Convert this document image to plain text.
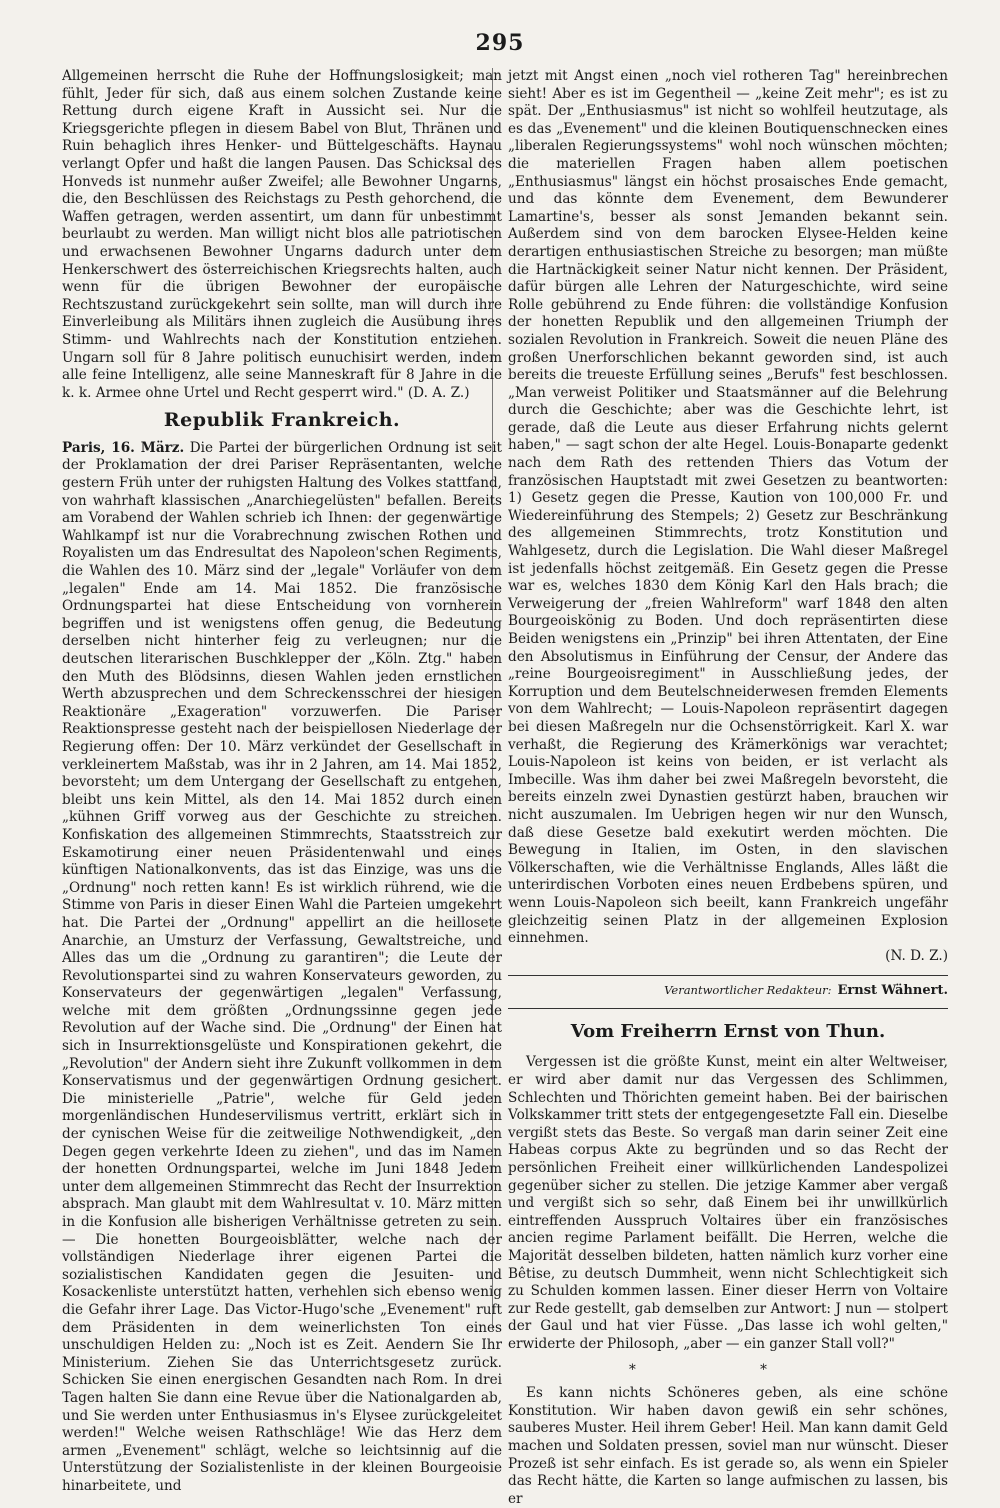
295

Allgemeinen herrscht die Ruhe der Hoffnungslosigkeit; man fühlt, Jeder für sich, daß aus einem solchen Zustande keine Rettung durch eigene Kraft in Aussicht sei. Nur die Kriegsgerichte pflegen in diesem Babel von Blut, Thränen und Ruin behaglich ihres Henker- und Büttelgeschäfts. Haynau verlangt Opfer und haßt die langen Pausen. Das Schicksal des Honveds ist nunmehr außer Zweifel; alle Bewohner Ungarns, die, den Beschlüssen des Reichstags zu Pesth gehorchend, die Waffen getragen, werden assentirt, um dann für unbestimmt beurlaubt zu werden. Man willigt nicht blos alle patriotischen und erwachsenen Bewohner Ungarns dadurch unter dem Henkerschwert des österreichischen Kriegsrechts halten, auch wenn für die übrigen Bewohner der europäische Rechtszustand zurückgekehrt sein sollte, man will durch ihre Einverleibung als Militärs ihnen zugleich die Ausübung ihres Stimm- und Wahlrechts nach der Konstitution entziehen. Ungarn soll für 8 Jahre politisch eunuchisirt werden, indem alle feine Intelligenz, alle seine Manneskraft für 8 Jahre in die k. k. Armee ohne Urtel und Recht gesperrt wird." (D. A. Z.)

Republik Frankreich.

Paris, 16. März. Die Partei der bürgerlichen Ordnung ist seit der Proklamation der drei Pariser Repräsentanten, welche gestern Früh unter der ruhigsten Haltung des Volkes stattfand, von wahrhaft klassischen „Anarchiegelüsten" befallen. Bereits am Vorabend der Wahlen schrieb ich Ihnen: der gegenwärtige Wahlkampf ist nur die Vorabrechnung zwischen Rothen und Royalisten um das Endresultat des Napoleon'schen Regiments, die Wahlen des 10. März sind der „legale" Vorläufer von dem „legalen" Ende am 14. Mai 1852. Die französische Ordnungspartei hat diese Entscheidung von vornherein begriffen und ist wenigstens offen genug, die Bedeutung derselben nicht hinterher feig zu verleugnen; nur die deutschen literarischen Buschklepper der „Köln. Ztg." haben den Muth des Blödsinns, diesen Wahlen jeden ernstlichen Werth abzusprechen und dem Schreckensschrei der hiesigen Reaktionäre „Exageration" vorzuwerfen. Die Pariser Reaktionspresse gesteht nach der beispiellosen Niederlage der Regierung offen: Der 10. März verkündet der Gesellschaft in verkleinertem Maßstab, was ihr in 2 Jahren, am 14. Mai 1852, bevorsteht; um dem Untergang der Gesellschaft zu entgehen, bleibt uns kein Mittel, als den 14. Mai 1852 durch einen „kühnen Griff vorweg aus der Geschichte zu streichen. Konfiskation des allgemeinen Stimmrechts, Staatsstreich zur Eskamotirung einer neuen Präsidentenwahl und eines künftigen Nationalkonvents, das ist das Einzige, was uns die „Ordnung" noch retten kann! Es ist wirklich rührend, wie die Stimme von Paris in dieser Einen Wahl die Parteien umgekehrt hat. Die Partei der „Ordnung" appellirt an die heillosete Anarchie, an Umsturz der Verfassung, Gewaltstreiche, und Alles das um die „Ordnung zu garantiren"; die Leute der Revolutionspartei sind zu wahren Konservateurs geworden, zu Konservateurs der gegenwärtigen „legalen" Verfassung, welche mit dem größten „Ordnungssinne gegen jede Revolution auf der Wache sind. Die „Ordnung" der Einen hat sich in Insurrektionsgelüste und Konspirationen gekehrt, die „Revolution" der Andern sieht ihre Zukunft vollkommen in dem Konservatismus und der gegenwärtigen Ordnung gesichert. Die ministerielle „Patrie", welche für Geld jeden morgenländischen Hundeservilismus vertritt, erklärt sich in der cynischen Weise für die zeitweilige Nothwendigkeit, „den Degen gegen verkehrte Ideen zu ziehen", und das im Namen der honetten Ordnungspartei, welche im Juni 1848 Jedem unter dem allgemeinen Stimmrecht das Recht der Insurrektion absprach. Man glaubt mit dem Wahlresultat v. 10. März mitten in die Konfusion alle bisherigen Verhältnisse getreten zu sein. — Die honetten Bourgeoisblätter, welche nach der vollständigen Niederlage ihrer eigenen Partei die sozialistischen Kandidaten gegen die Jesuiten- und Kosackenliste unterstützt hatten, verhehlen sich ebenso wenig die Gefahr ihrer Lage. Das Victor-Hugo'sche „Evenement" ruft dem Präsidenten in dem weinerlichsten Ton eines unschuldigen Helden zu: „Noch ist es Zeit. Aendern Sie Ihr Ministerium. Ziehen Sie das Unterrichtsgesetz zurück. Schicken Sie einen energischen Gesandten nach Rom. In drei Tagen halten Sie dann eine Revue über die Nationalgarden ab, und Sie werden unter Enthusiasmus in's Elysee zurückgeleitet werden!" Welche weisen Rathschläge! Wie das Herz dem armen „Evenement" schlägt, welche so leichtsinnig auf die Unterstützung der Sozialistenliste in der kleinen Bourgeoisie hinarbeitete, und

jetzt mit Angst einen „noch viel rotheren Tag" hereinbrechen sieht! Aber es ist im Gegentheil — „keine Zeit mehr"; es ist zu spät. Der „Enthusiasmus" ist nicht so wohlfeil heutzutage, als es das „Evenement" und die kleinen Boutiquenschnecken eines „liberalen Regierungssystems" wohl noch wünschen möchten; die materiellen Fragen haben allem poetischen „Enthusiasmus" längst ein höchst prosaisches Ende gemacht, und das könnte dem Evenement, dem Bewunderer Lamartine's, besser als sonst Jemanden bekannt sein. Außerdem sind von dem barocken Elysee-Helden keine derartigen enthusiastischen Streiche zu besorgen; man müßte die Hartnäckigkeit seiner Natur nicht kennen. Der Präsident, dafür bürgen alle Lehren der Naturgeschichte, wird seine Rolle gebührend zu Ende führen: die vollständige Konfusion der honetten Republik und den allgemeinen Triumph der sozialen Revolution in Frankreich. Soweit die neuen Pläne des großen Unerforschlichen bekannt geworden sind, ist auch bereits die treueste Erfüllung seines „Berufs" fest beschlossen. „Man verweist Politiker und Staatsmänner auf die Belehrung durch die Geschichte; aber was die Geschichte lehrt, ist gerade, daß die Leute aus dieser Erfahrung nichts gelernt haben," — sagt schon der alte Hegel. Louis-Bonaparte gedenkt nach dem Rath des rettenden Thiers das Votum der französischen Hauptstadt mit zwei Gesetzen zu beantworten: 1) Gesetz gegen die Presse, Kaution von 100,000 Fr. und Wiedereinführung des Stempels; 2) Gesetz zur Beschränkung des allgemeinen Stimmrechts, trotz Konstitution und Wahlgesetz, durch die Legislation. Die Wahl dieser Maßregel ist jedenfalls höchst zeitgemäß. Ein Gesetz gegen die Presse war es, welches 1830 dem König Karl den Hals brach; die Verweigerung der „freien Wahlreform" warf 1848 den alten Bourgeoiskönig zu Boden. Und doch repräsentirten diese Beiden wenigstens ein „Prinzip" bei ihren Attentaten, der Eine den Absolutismus in Einführung der Censur, der Andere das „reine Bourgeoisregiment" in Ausschließung jedes, der Korruption und dem Beutelschneiderwesen fremden Elements von dem Wahlrecht; — Louis-Napoleon repräsentirt dagegen bei diesen Maßregeln nur die Ochsenstörrigkeit. Karl X. war verhaßt, die Regierung des Krämerkönigs war verachtet; Louis-Napoleon ist keins von beiden, er ist verlacht als Imbecille. Was ihm daher bei zwei Maßregeln bevorsteht, die bereits einzeln zwei Dynastien gestürzt haben, brauchen wir nicht auszumalen. Im Uebrigen hegen wir nur den Wunsch, daß diese Gesetze bald exekutirt werden möchten. Die Bewegung in Italien, im Osten, in den slavischen Völkerschaften, wie die Verhältnisse Englands, Alles läßt die unterirdischen Vorboten eines neuen Erdbebens spüren, und wenn Louis-Napoleon sich beeilt, kann Frankreich ungefähr gleichzeitig seinen Platz in der allgemeinen Explosion einnehmen.

(N. D. Z.)
Verantwortlicher Redakteur: Ernst Wähnert.
Vom Freiherrn Ernst von Thun.

Vergessen ist die größte Kunst, meint ein alter Weltweiser, er wird aber damit nur das Vergessen des Schlimmen, Schlechten und Thörichten gemeint haben. Bei der bairischen Volkskammer tritt stets der entgegengesetzte Fall ein. Dieselbe vergißt stets das Beste. So vergaß man darin seiner Zeit eine Habeas corpus Akte zu begründen und so das Recht der persönlichen Freiheit einer willkürlichenden Landespolizei gegenüber sicher zu stellen. Die jetzige Kammer aber vergaß und vergißt sich so sehr, daß Einem bei ihr unwillkürlich eintreffenden Ausspruch Voltaires über ein französisches ancien regime Parlament beifällt. Die Herren, welche die Majorität desselben bildeten, hatten nämlich kurz vorher eine Bêtise, zu deutsch Dummheit, wenn nicht Schlechtigkeit sich zu Schulden kommen lassen. Einer dieser Herrn von Voltaire zur Rede gestellt, gab demselben zur Antwort: J nun — stolpert der Gaul und hat vier Füsse. „Das lasse ich wohl gelten," erwiderte der Philosoph, „aber — ein ganzer Stall voll?"

* *

Es kann nichts Schöneres geben, als eine schöne Konstitution. Wir haben davon gewiß ein sehr schönes, sauberes Muster. Heil ihrem Geber! Heil. Man kann damit Geld machen und Soldaten pressen, soviel man nur wünscht. Dieser Prozeß ist sehr einfach. Es ist gerade so, als wenn ein Spieler das Recht hätte, die Karten so lange aufmischen zu lassen, bis er
